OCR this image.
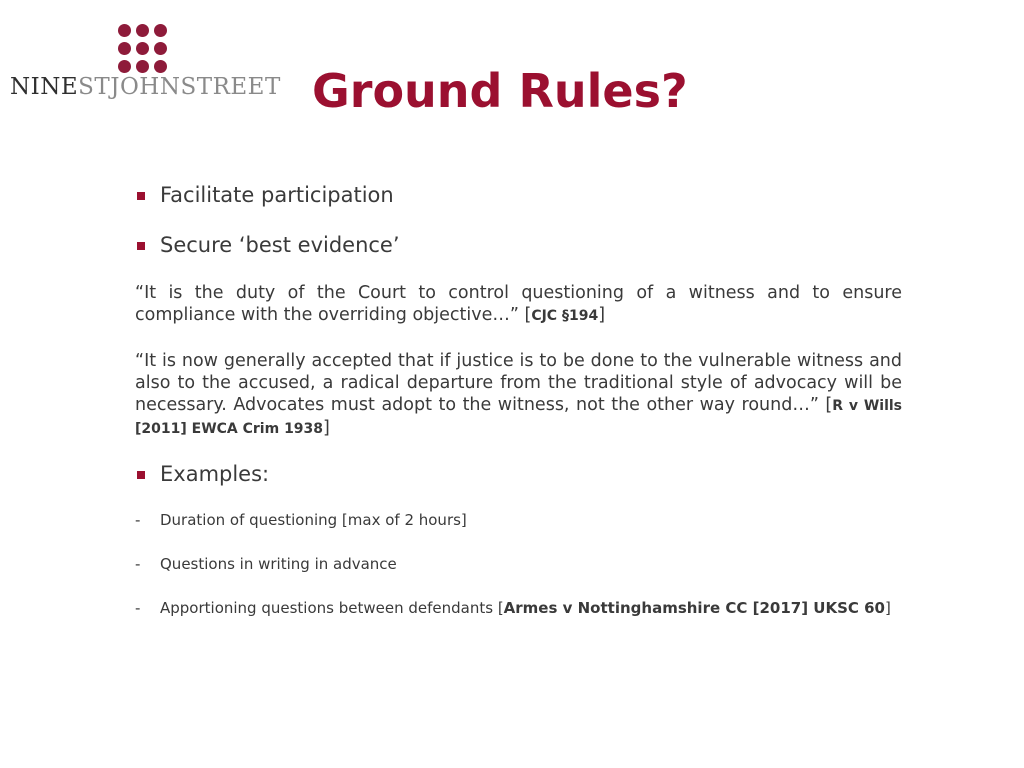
NINESTJOHNSTREET Ground Rules?
Facilitate participation
Secure ‘best evidence’

“It is the duty of the Court to control questioning of a witness and to ensure compliance with the overriding objective…” [CJC §194]

“It is now generally accepted that if justice is to be done to the vulnerable witness and also to the accused, a radical departure from the traditional style of advocacy will be necessary. Advocates must adopt to the witness, not the other way round…” [R v Wills [2011] EWCA Crim 1938]

Examples:
- Duration of questioning [max of 2 hours]
- Questions in writing in advance
- Apportioning questions between defendants [Armes v Nottinghamshire CC [2017] UKSC 60]
